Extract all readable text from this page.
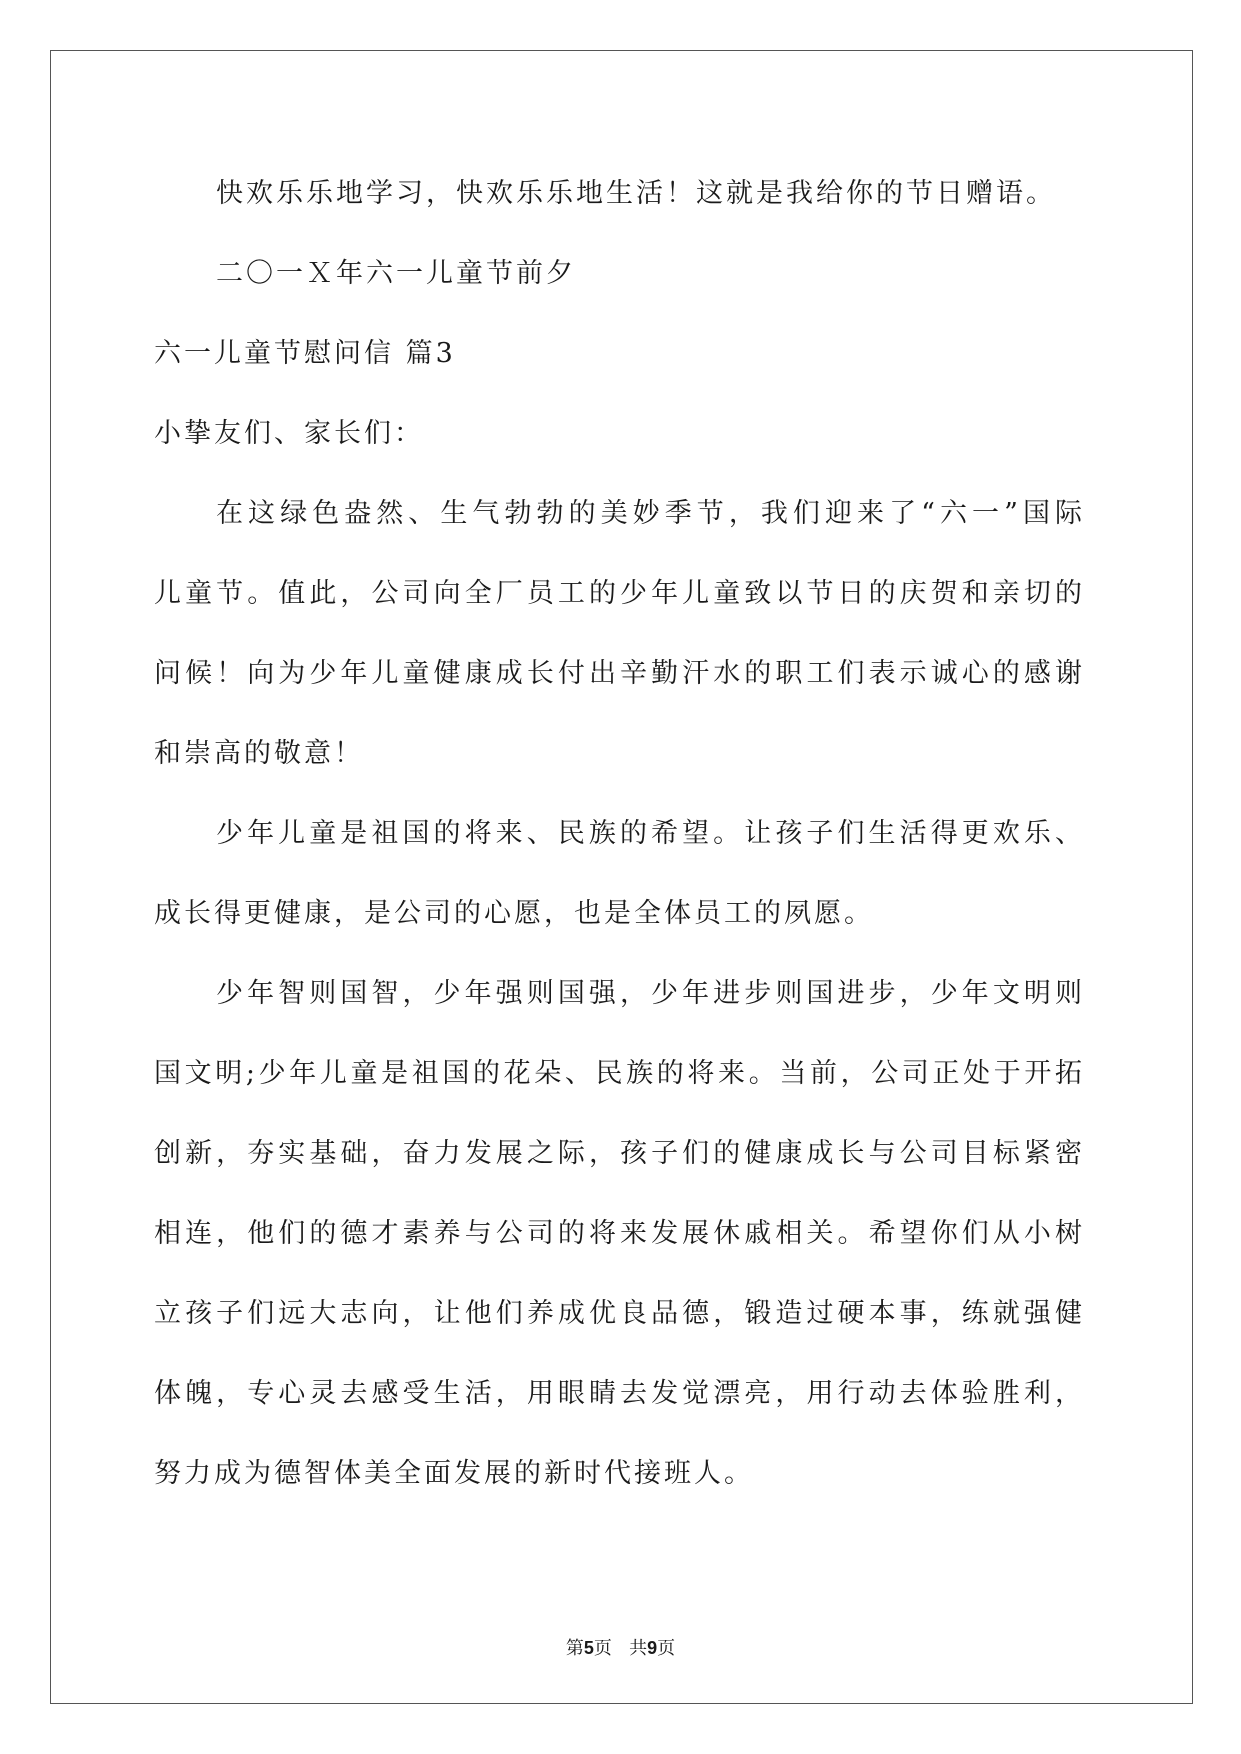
快欢乐乐地学习，快欢乐乐地生活！这就是我给你的节日赠语。
二〇一Ｘ年六一儿童节前夕
六一儿童节慰问信 篇3
小挚友们、家长们：
在这绿色盎然、生气勃勃的美妙季节，我们迎来了“六一”国际
儿童节。值此，公司向全厂员工的少年儿童致以节日的庆贺和亲切的
问候！向为少年儿童健康成长付出辛勤汗水的职工们表示诚心的感谢
和崇高的敬意！
少年儿童是祖国的将来、民族的希望。让孩子们生活得更欢乐、
成长得更健康，是公司的心愿，也是全体员工的夙愿。
少年智则国智，少年强则国强，少年进步则国进步，少年文明则
国文明;少年儿童是祖国的花朵、民族的将来。当前，公司正处于开拓
创新，夯实基础，奋力发展之际，孩子们的健康成长与公司目标紧密
相连，他们的德才素养与公司的将来发展休戚相关。希望你们从小树
立孩子们远大志向，让他们养成优良品德，锻造过硬本事，练就强健
体魄，专心灵去感受生活，用眼睛去发觉漂亮，用行动去体验胜利，
努力成为德智体美全面发展的新时代接班人。
第5页 共9页
